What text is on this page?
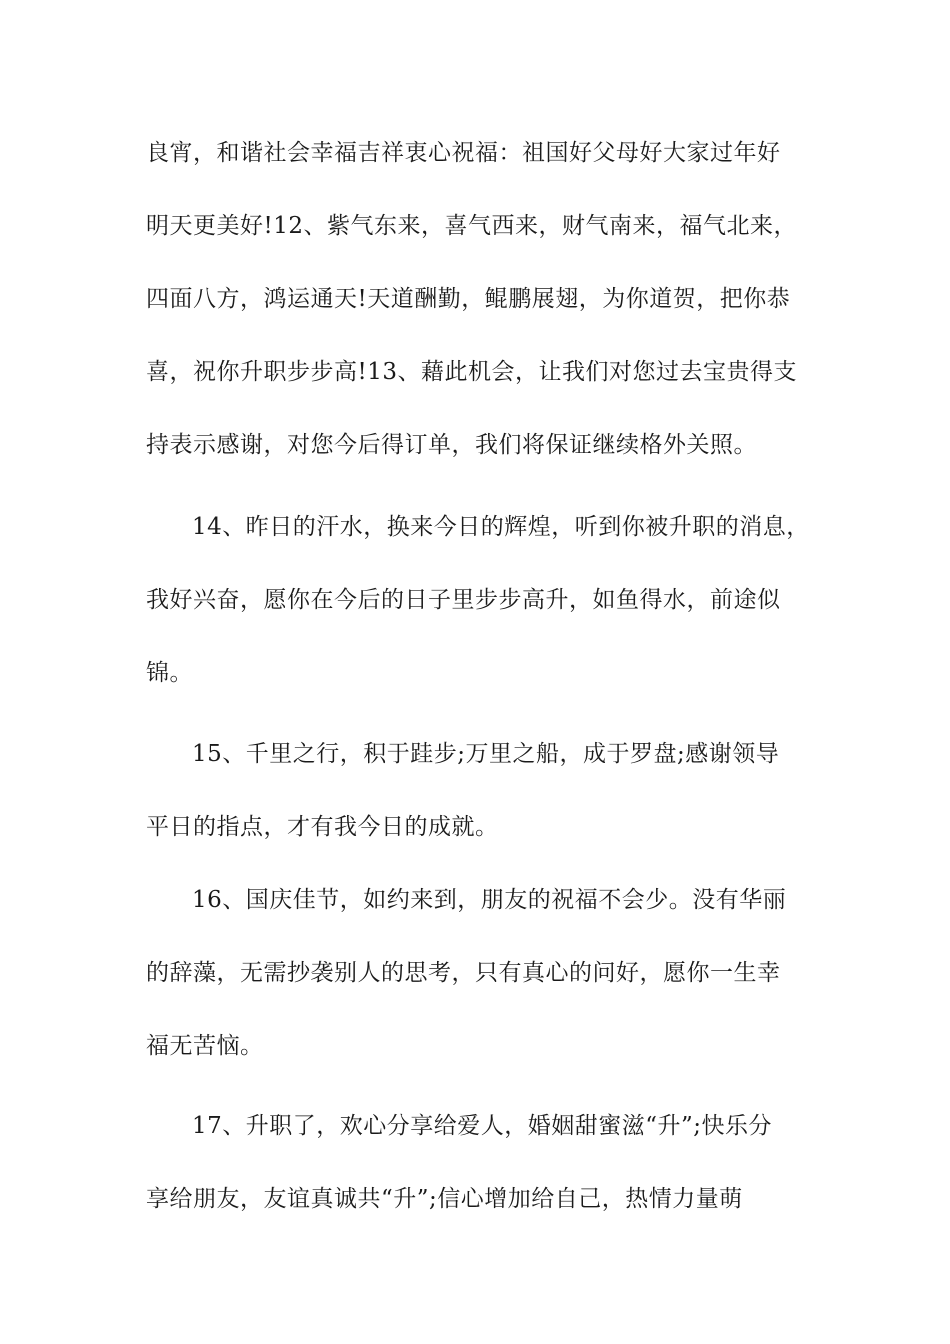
良宵，和谐社会幸福吉祥衷心祝福：祖国好父母好大家过年好
明天更美好!12、紫气东来，喜气西来，财气南来，福气北来，
四面八方，鸿运通天!天道酬勤，鲲鹏展翅，为你道贺，把你恭
喜，祝你升职步步高!13、藉此机会，让我们对您过去宝贵得支
持表示感谢，对您今后得订单，我们将保证继续格外关照。
14、昨日的汗水，换来今日的辉煌，听到你被升职的消息，
我好兴奋，愿你在今后的日子里步步高升，如鱼得水，前途似
锦。
15、千里之行，积于跬步;万里之船，成于罗盘;感谢领导
平日的指点，才有我今日的成就。
16、国庆佳节，如约来到，朋友的祝福不会少。没有华丽
的辞藻，无需抄袭别人的思考，只有真心的问好，愿你一生幸
福无苦恼。
17、升职了，欢心分享给爱人，婚姻甜蜜滋“升”;快乐分
享给朋友，友谊真诚共“升”;信心增加给自己，热情力量萌
